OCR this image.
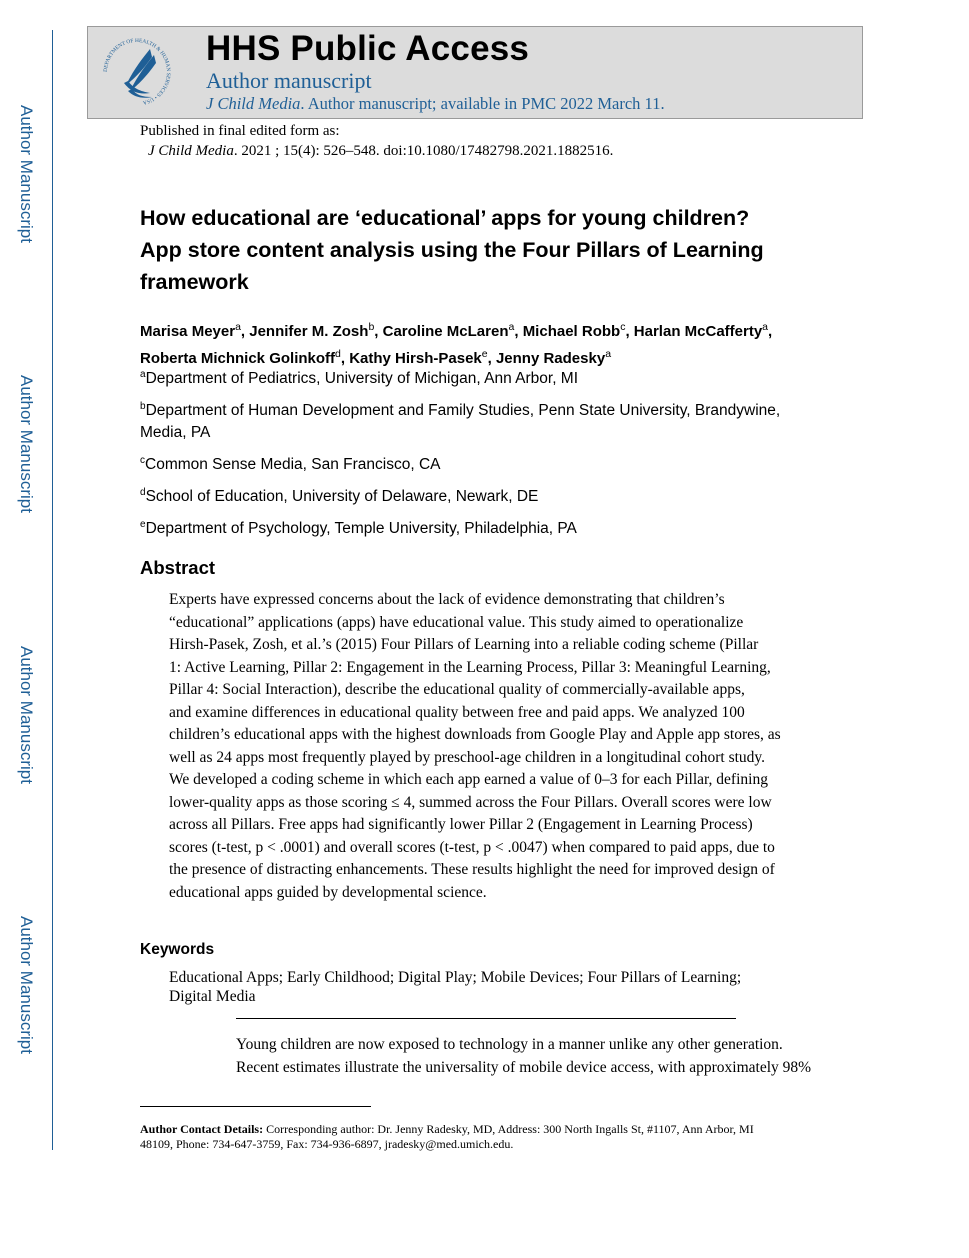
Author Manuscript
Author Manuscript
Author Manuscript
Author Manuscript
DEPARTMENT OF HEALTH & HUMAN SERVICES • USA
HHS Public Access
Author manuscript
J Child Media. Author manuscript; available in PMC 2022 March 11.
Published in final edited form as:
J Child Media. 2021 ; 15(4): 526–548. doi:10.1080/17482798.2021.1882516.
How educational are ‘educational’ apps for young children?
App store content analysis using the Four Pillars of Learning
framework
Marisa Meyer$^a$, Jennifer M. Zosh$^b$, Caroline McLaren$^a$, Michael Robb$^c$, Harlan McCafferty$^a$,
Roberta Michnick Golinkoff$^d$, Kathy Hirsh-Pasek$^e$, Jenny Radesky$^a$
$^a$Department of Pediatrics, University of Michigan, Ann Arbor, MI
$^b$Department of Human Development and Family Studies, Penn State University, Brandywine,
Media, PA
$^c$Common Sense Media, San Francisco, CA
$^d$School of Education, University of Delaware, Newark, DE
$^e$Department of Psychology, Temple University, Philadelphia, PA
Abstract
Experts have expressed concerns about the lack of evidence demonstrating that children’s
“educational” applications (apps) have educational value. This study aimed to operationalize
Hirsh-Pasek, Zosh, et al.’s (2015) Four Pillars of Learning into a reliable coding scheme (Pillar
1: Active Learning, Pillar 2: Engagement in the Learning Process, Pillar 3: Meaningful Learning,
Pillar 4: Social Interaction), describe the educational quality of commercially-available apps,
and examine differences in educational quality between free and paid apps. We analyzed 100
children’s educational apps with the highest downloads from Google Play and Apple app stores, as
well as 24 apps most frequently played by preschool-age children in a longitudinal cohort study.
We developed a coding scheme in which each app earned a value of 0–3 for each Pillar, defining
lower-quality apps as those scoring ≤ 4, summed across the Four Pillars. Overall scores were low
across all Pillars. Free apps had significantly lower Pillar 2 (Engagement in Learning Process)
scores (t-test, p < .0001) and overall scores (t-test, p < .0047) when compared to paid apps, due to
the presence of distracting enhancements. These results highlight the need for improved design of
educational apps guided by developmental science.
Keywords
Educational Apps; Early Childhood; Digital Play; Mobile Devices; Four Pillars of Learning;
Digital Media
Young children are now exposed to technology in a manner unlike any other generation.
Recent estimates illustrate the universality of mobile device access, with approximately 98%
Author Contact Details: Corresponding author: Dr. Jenny Radesky, MD, Address: 300 North Ingalls St, #1107, Ann Arbor, MI
48109, Phone: 734-647-3759, Fax: 734-936-6897, jradesky@med.umich.edu.
